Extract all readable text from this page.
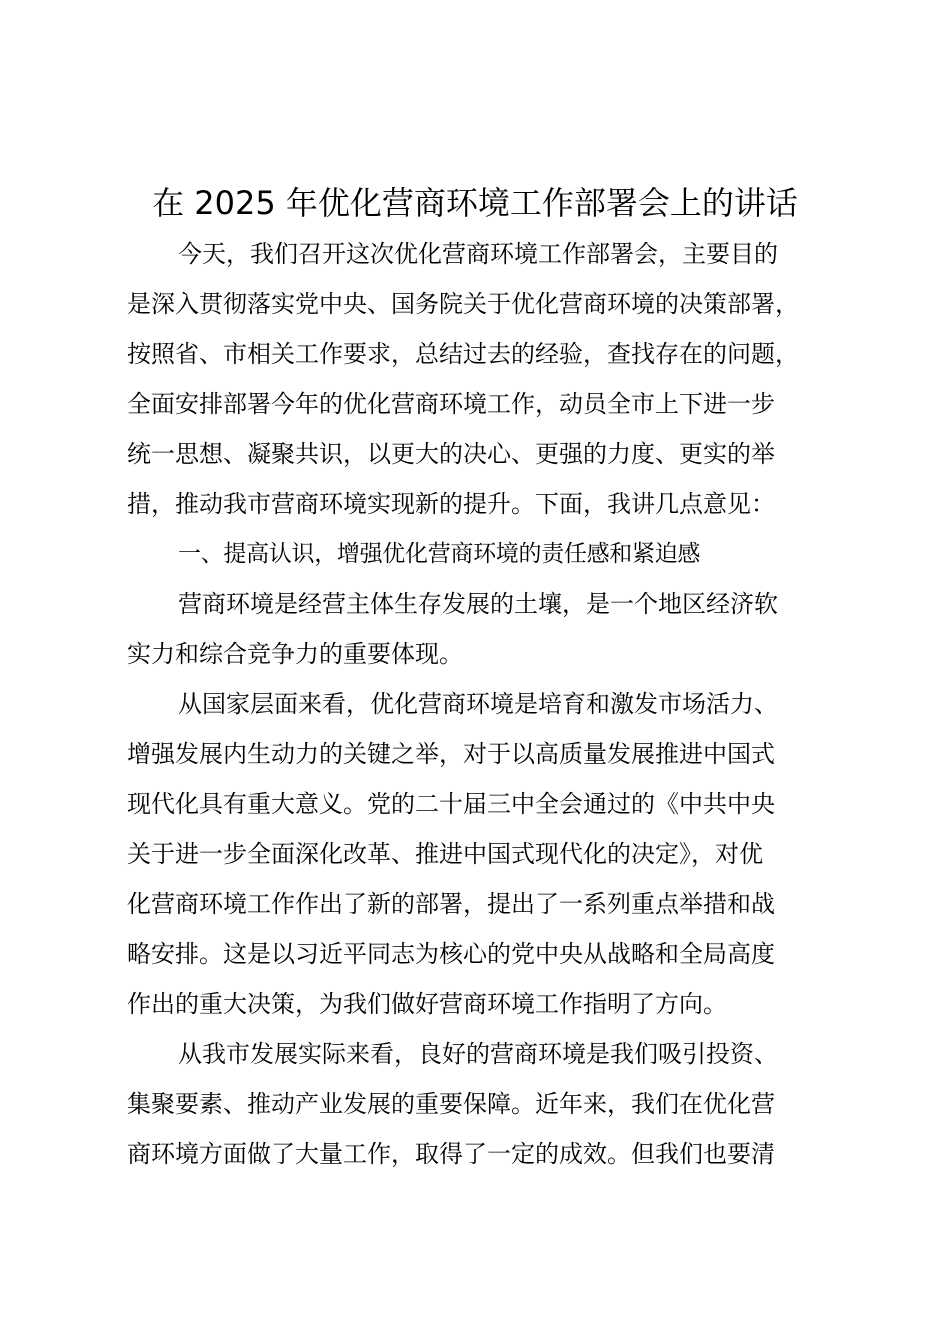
在 2025 年优化营商环境工作部署会上的讲话
今天，我们召开这次优化营商环境工作部署会，主要目的
是深入贯彻落实党中央、国务院关于优化营商环境的决策部署，
按照省、市相关工作要求，总结过去的经验，查找存在的问题，
全面安排部署今年的优化营商环境工作，动员全市上下进一步
统一思想、凝聚共识，以更大的决心、更强的力度、更实的举
措，推动我市营商环境实现新的提升。下面，我讲几点意见：
一、提高认识，增强优化营商环境的责任感和紧迫感
营商环境是经营主体生存发展的土壤，是一个地区经济软
实力和综合竞争力的重要体现。
从国家层面来看，优化营商环境是培育和激发市场活力、
增强发展内生动力的关键之举，对于以高质量发展推进中国式
现代化具有重大意义。党的二十届三中全会通过的《中共中央
关于进一步全面深化改革、推进中国式现代化的决定》，对优
化营商环境工作作出了新的部署，提出了一系列重点举措和战
略安排。这是以习近平同志为核心的党中央从战略和全局高度
作出的重大决策，为我们做好营商环境工作指明了方向。
从我市发展实际来看，良好的营商环境是我们吸引投资、
集聚要素、推动产业发展的重要保障。近年来，我们在优化营
商环境方面做了大量工作，取得了一定的成效。但我们也要清
